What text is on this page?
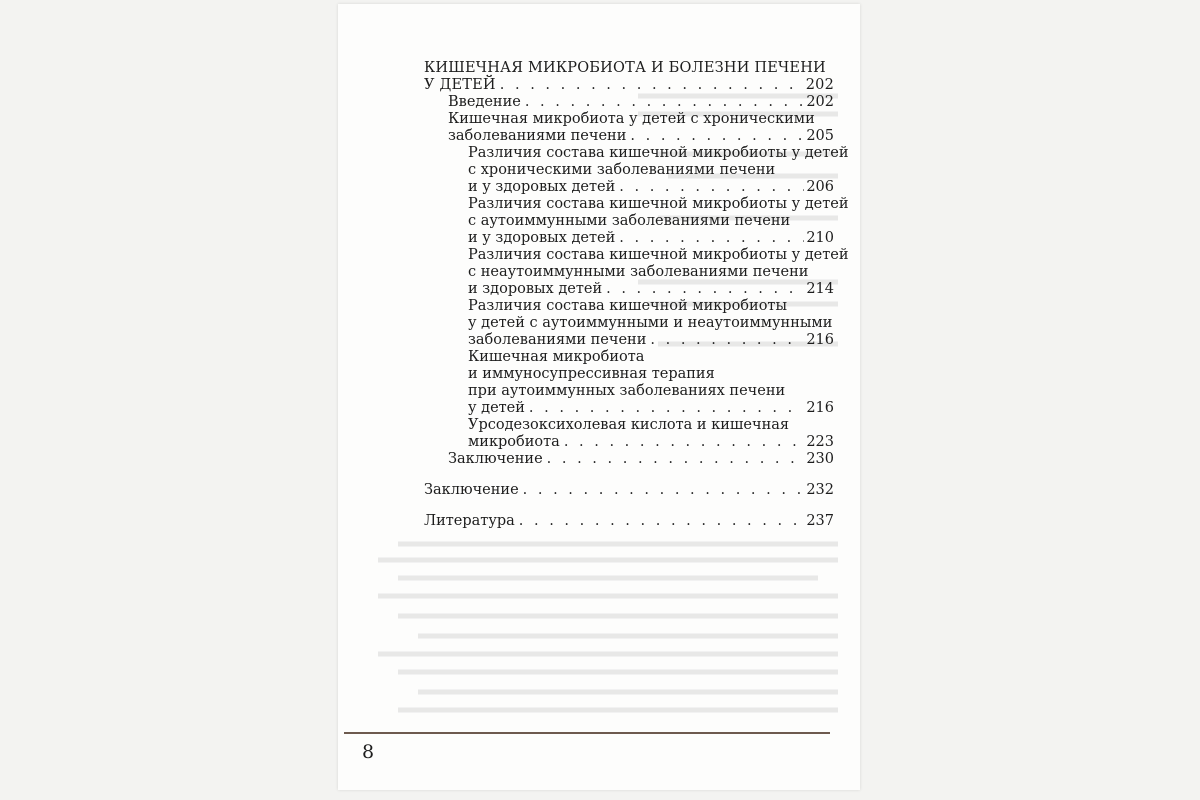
КИШЕЧНАЯ МИКРОБИОТА И БОЛЕЗНИ ПЕЧЕНИ
У ДЕТЕЙ . . .	202
Введение . . .	202
Кишечная микробиота у детей с хроническими
заболеваниями печени . . .	205
Различия состава кишечной микробиоты у детей
с хроническими заболеваниями печени
и у здоровых детей . . .	206
Различия состава кишечной микробиоты у детей
с аутоиммунными заболеваниями печени
и у здоровых детей . . .	210
Различия состава кишечной микробиоты у детей
с неаутоиммунными заболеваниями печени
и здоровых детей . . .	214
Различия состава кишечной микробиоты
у детей с аутоиммунными и неаутоиммунными
заболеваниями печени . . .	216
Кишечная микробиота
и иммуносупрессивная терапия
при аутоиммунных заболеваниях печени
у детей . . .	216
Урсодезоксихолевая кислота и кишечная
микробиота . . .	223
Заключение . . .	230
Заключение . . .	232
Литература . . .	237
8
